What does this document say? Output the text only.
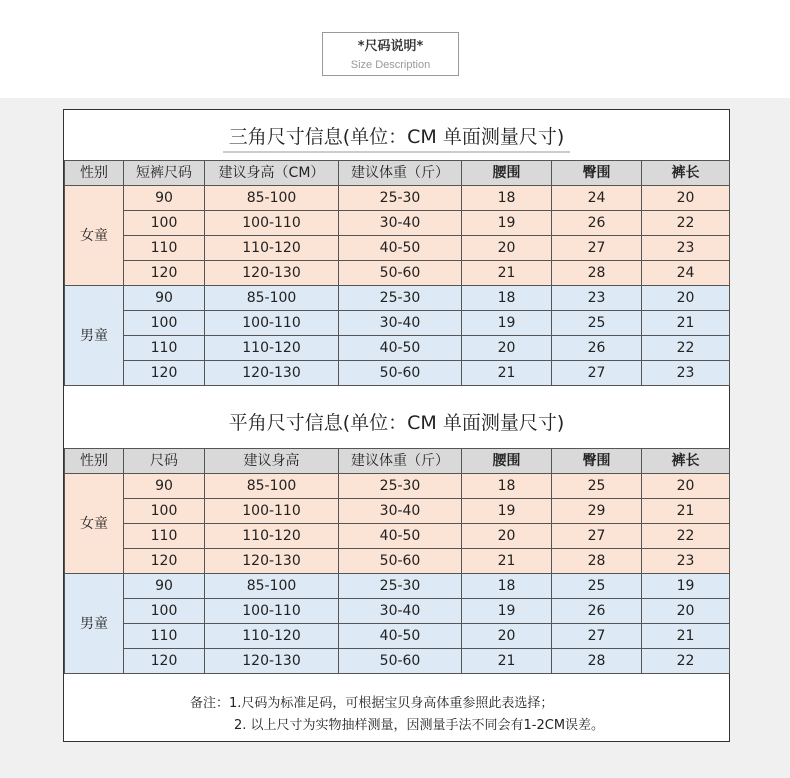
*尺码说明*
Size Description
三角尺寸信息(单位：CM 单面测量尺寸)
性别	短裤尺码	建议身高（CM）	建议体重（斤）	腰围	臀围	裤长
女童	90	85-100	25-30	18	24	20
	100	100-110	30-40	19	26	22
	110	110-120	40-50	20	27	23
	120	120-130	50-60	21	28	24
男童	90	85-100	25-30	18	23	20
	100	100-110	30-40	19	25	21
	110	110-120	40-50	20	26	22
	120	120-130	50-60	21	27	23
平角尺寸信息(单位：CM 单面测量尺寸)
性别	尺码	建议身高	建议体重（斤）	腰围	臀围	裤长
女童	90	85-100	25-30	18	25	20
	100	100-110	30-40	19	29	21
	110	110-120	40-50	20	27	22
	120	120-130	50-60	21	28	23
男童	90	85-100	25-30	18	25	19
	100	100-110	30-40	19	26	20
	110	110-120	40-50	20	27	21
	120	120-130	50-60	21	28	22
备注：1.尺码为标准足码，可根据宝贝身高体重参照此表选择；
2. 以上尺寸为实物抽样测量，因测量手法不同会有1-2CM误差。
